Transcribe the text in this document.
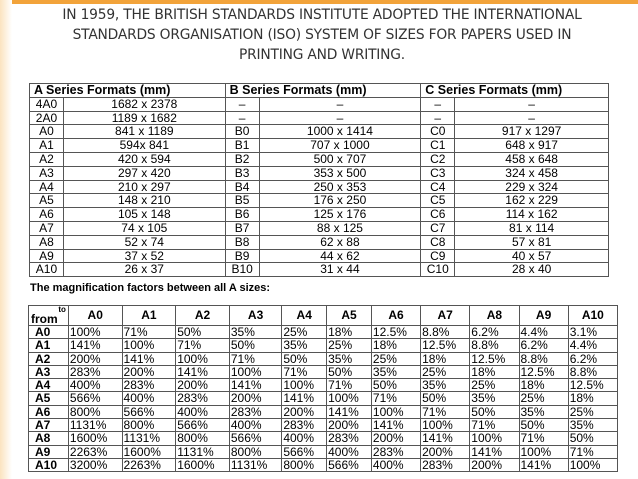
IN 1959, THE BRITISH STANDARDS INSTITUTE ADOPTED THE INTERNATIONAL
STANDARDS ORGANISATION (ISO) SYSTEM OF SIZES FOR PAPERS USED IN
PRINTING AND WRITING.
A Series Formats (mm)		B Series Formats (mm)		C Series Formats (mm)	
4A0	1682 x 2378	–	–	–	–
2A0	1189 x 1682	–	–	–	–
A0	841 x 1189	B0	1000 x 1414	C0	917 x 1297
A1	594x 841	B1	707 x 1000	C1	648 x 917
A2	420 x 594	B2	500 x 707	C2	458 x 648
A3	297 x 420	B3	353 x 500	C3	324 x 458
A4	210 x 297	B4	250 x 353	C4	229 x 324
A5	148 x 210	B5	176 x 250	C5	162 x 229
A6	105 x 148	B6	125 x 176	C6	114 x 162
A7	74 x 105	B7	88 x 125	C7	81 x 114
A8	52 x 74	B8	62 x 88	C8	57 x 81
A9	37 x 52	B9	44 x 62	C9	40 x 57
A10	26 x 37	B10	31 x 44	C10	28 x 40

The magnification factors between all A sizes:

to
from	A0	A1	A2	A3	A4	A5	A6	A7	A8	A9	A10
A0	100%	71%	50%	35%	25%	18%	12.5%	8.8%	6.2%	4.4%	3.1%
A1	141%	100%	71%	50%	35%	25%	18%	12.5%	8.8%	6.2%	4.4%
A2	200%	141%	100%	71%	50%	35%	25%	18%	12.5%	8.8%	6.2%
A3	283%	200%	141%	100%	71%	50%	35%	25%	18%	12.5%	8.8%
A4	400%	283%	200%	141%	100%	71%	50%	35%	25%	18%	12.5%
A5	566%	400%	283%	200%	141%	100%	71%	50%	35%	25%	18%
A6	800%	566%	400%	283%	200%	141%	100%	71%	50%	35%	25%
A7	1131%	800%	566%	400%	283%	200%	141%	100%	71%	50%	35%
A8	1600%	1131%	800%	566%	400%	283%	200%	141%	100%	71%	50%
A9	2263%	1600%	1131%	800%	566%	400%	283%	200%	141%	100%	71%
A10	3200%	2263%	1600%	1131%	800%	566%	400%	283%	200%	141%	100%
